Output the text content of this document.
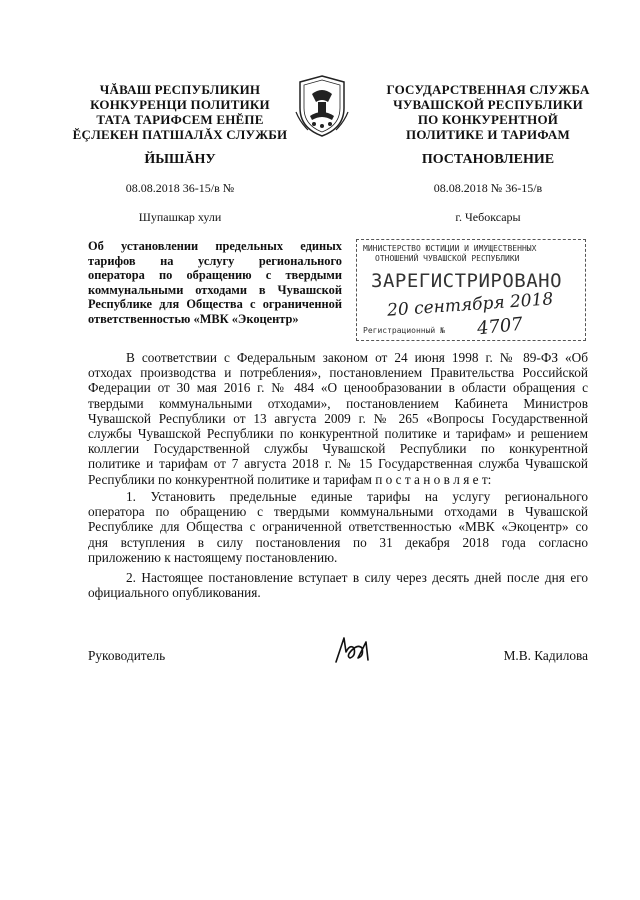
ЧĂВАШ РЕСПУБЛИКИН
КОНКУРЕНЦИ ПОЛИТИКИ
ТАТА ТАРИФСЕМ ЕНĔПЕ
ĔÇЛЕКЕН ПАТШАЛĂХ СЛУЖБИ
ГОСУДАРСТВЕННАЯ СЛУЖБА
ЧУВАШСКОЙ РЕСПУБЛИКИ
ПО КОНКУРЕНТНОЙ
ПОЛИТИКЕ И ТАРИФАМ
ЙЫШĂНУ	ПОСТАНОВЛЕНИЕ
08.08.2018 36-15/в №	08.08.2018 № 36-15/в
Шупашкар хули	г. Чебоксары
Об установлении предельных единых
тарифов на услугу регионального
оператора по обращению с твердыми
коммунальными отходами в Чувашской
Республике для Общества с ограниченной
ответственностью «МВК «Экоцентр»
МИНИСТЕРСТВО ЮСТИЦИИ И ИМУЩЕСТВЕННЫХ
ОТНОШЕНИЙ ЧУВАШСКОЙ РЕСПУБЛИКИ
ЗАРЕГИСТРИРОВАНО
20 сентября 2018
Регистрационный № 4707
В соответствии с Федеральным законом от 24 июня 1998 г. № 89-ФЗ «Об
отходах производства и потребления», постановлением Правительства Российской
Федерации от 30 мая 2016 г. № 484 «О ценообразовании в области обращения с
твердыми коммунальными отходами», постановлением Кабинета Министров
Чувашской Республики от 13 августа 2009 г. № 265 «Вопросы Государственной
службы Чувашской Республики по конкурентной политике и тарифам» и решением
коллегии Государственной службы Чувашской Республики по конкурентной
политике и тарифам от 7 августа 2018 г. № 15 Государственная служба Чувашской
Республики по конкурентной политике и тарифам п о с т а н о в л я е т:
1. Установить предельные единые тарифы на услугу регионального
оператора по обращению с твердыми коммунальными отходами в Чувашской
Республике для Общества с ограниченной ответственностью «МВК «Экоцентр» со
дня вступления в силу постановления по 31 декабря 2018 года согласно
приложению к настоящему постановлению.
2. Настоящее постановление вступает в силу через десять дней после дня его
официального опубликования.
Руководитель	М.В. Кадилова
